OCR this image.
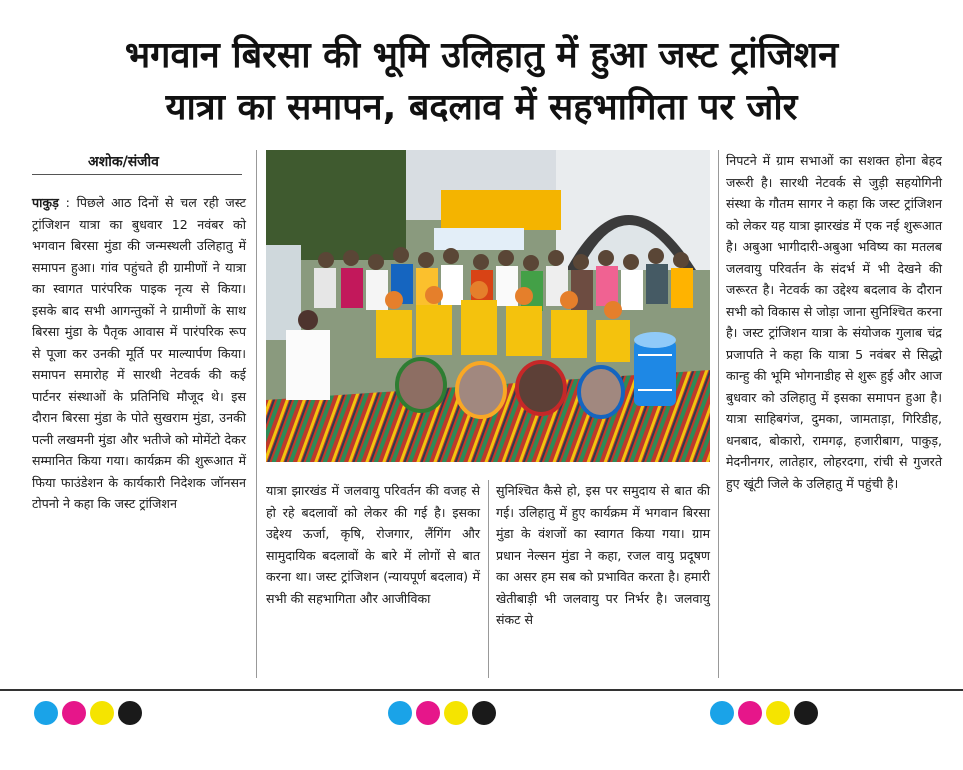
भगवान बिरसा की भूमि उलिहातु में हुआ जस्ट ट्रांजिशन
यात्रा का समापन, बदलाव में सहभागिता पर जोर
अशोक/संजीव
पाकुड़ : पिछले आठ दिनों से चल रही जस्ट ट्रांजिशन यात्रा का बुधवार 12 नवंबर को भगवान बिरसा मुंडा की जन्मस्थली उलिहातु में समापन हुआ। गांव पहुंचते ही ग्रामीणों ने यात्रा का स्वागत पारंपरिक पाइक नृत्य से किया। इसके बाद सभी आगन्तुकों ने ग्रामीणों के साथ बिरसा मुंडा के पैतृक आवास में पारंपरिक रूप से पूजा कर उनकी मूर्ति पर माल्यार्पण किया। समापन समारोह में सारथी नेटवर्क की कई पार्टनर संस्थाओं के प्रतिनिधि मौजूद थे। इस दौरान बिरसा मुंडा के पोते सुखराम मुंडा, उनकी पत्नी लखमनी मुंडा और भतीजे को मोमेंटो देकर सम्मानित किया गया। कार्यक्रम की शुरूआत में फिया फाउंडेशन के कार्यकारी निदेशक जॉनसन टोपनो ने कहा कि जस्ट ट्रांजिशन
यात्रा झारखंड में जलवायु परिवर्तन की वजह से हो रहे बदलावों को लेकर की गई है। इसका उद्देश्य ऊर्जा, कृषि, रोजगार, लैंगिंग और सामुदायिक बदलावों के बारे में लोगों से बात करना था। जस्ट ट्रांजिशन (न्यायपूर्ण बदलाव) में सभी की सहभागिता और आजीविका
सुनिश्चित कैसे हो, इस पर समुदाय से बात की गई। उलिहातु में हुए कार्यक्रम में भगवान बिरसा मुंडा के वंशजों का स्वागत किया गया। ग्राम प्रधान नेल्सन मुंडा ने कहा, रजल वायु प्रदूषण का असर हम सब को प्रभावित करता है। हमारी खेतीबाड़ी भी जलवायु पर निर्भर है। जलवायु संकट से
निपटने में ग्राम सभाओं का सशक्त होना बेहद जरूरी है। सारथी नेटवर्क से जुड़ी सहयोगिनी संस्था के गौतम सागर ने कहा कि जस्ट ट्रांजिशन को लेकर यह यात्रा झारखंड में एक नई शुरूआत है। अबुआ भागीदारी-अबुआ भविष्य का मतलब जलवायु परिवर्तन के संदर्भ में भी देखने की जरूरत है। नेटवर्क का उद्देश्य बदलाव के दौरान सभी को विकास से जोड़ा जाना सुनिश्चित करना है। जस्ट ट्रांजिशन यात्रा के संयोजक गुलाब चंद्र प्रजापति ने कहा कि यात्रा 5 नवंबर से सिद्धो कान्हु की भूमि भोगनाडीह से शुरू हुई और आज बुधवार को उलिहातु में इसका समापन हुआ है। यात्रा साहिबगंज, दुमका, जामताड़ा, गिरिडीह, धनबाद, बोकारो, रामगढ़, हजारीबाग, पाकुड़, मेदनीनगर, लातेहार, लोहरदगा, रांची से गुजरते हुए खूंटी जिले के उलिहातु में पहुंची है।
